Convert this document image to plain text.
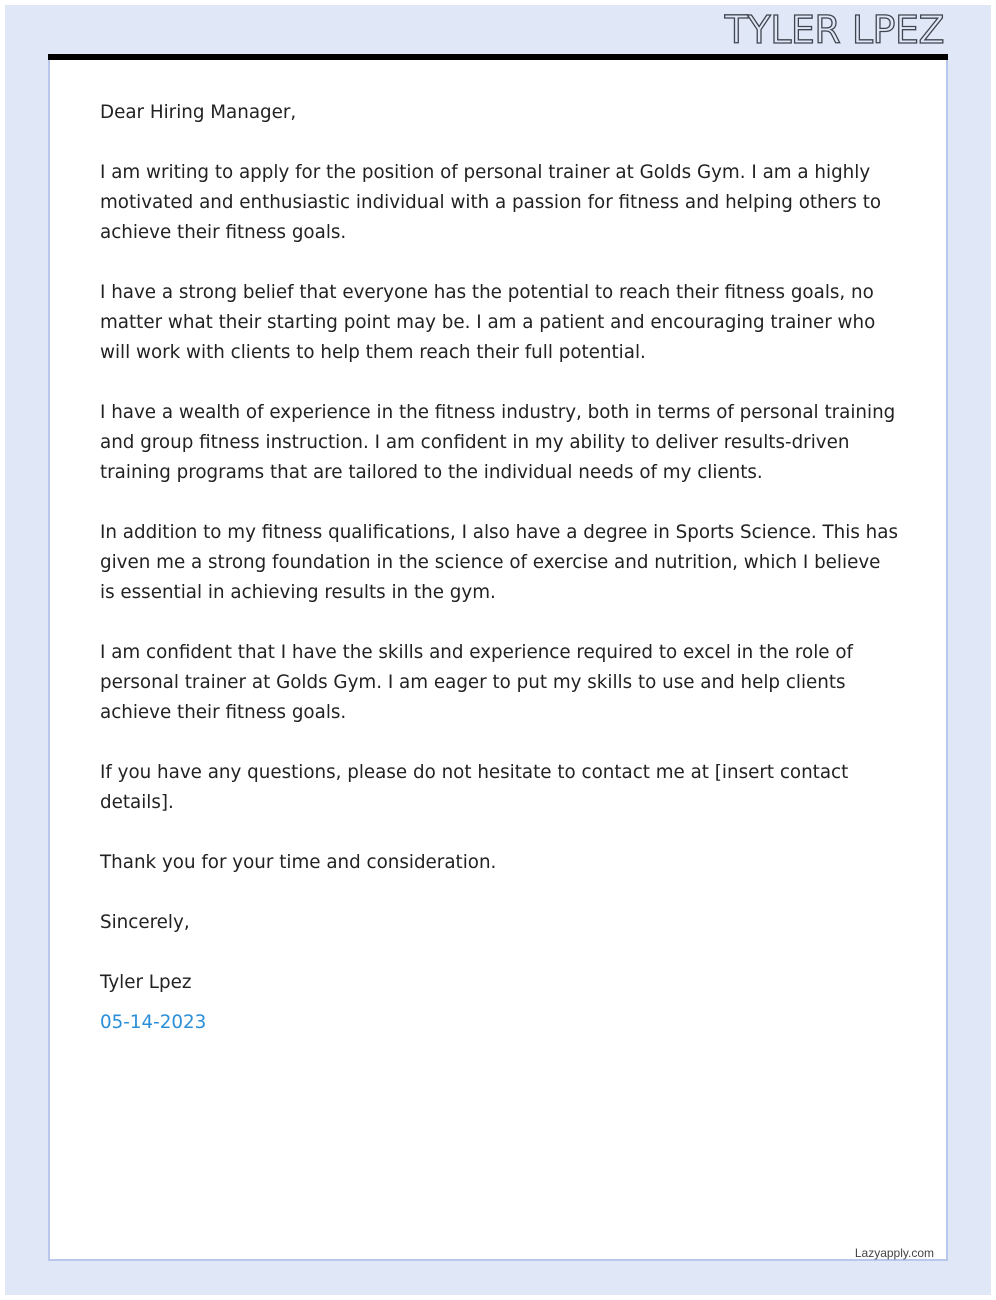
TYLER LPEZ

Dear Hiring Manager,

I am writing to apply for the position of personal trainer at Golds Gym. I am a highly motivated and enthusiastic individual with a passion for fitness and helping others to achieve their fitness goals.

I have a strong belief that everyone has the potential to reach their fitness goals, no matter what their starting point may be. I am a patient and encouraging trainer who will work with clients to help them reach their full potential.

I have a wealth of experience in the fitness industry, both in terms of personal training and group fitness instruction. I am confident in my ability to deliver results-driven training programs that are tailored to the individual needs of my clients.

In addition to my fitness qualifications, I also have a degree in Sports Science. This has given me a strong foundation in the science of exercise and nutrition, which I believe is essential in achieving results in the gym.

I am confident that I have the skills and experience required to excel in the role of personal trainer at Golds Gym. I am eager to put my skills to use and help clients achieve their fitness goals.

If you have any questions, please do not hesitate to contact me at [insert contact details].

Thank you for your time and consideration.

Sincerely,

Tyler Lpez

05-14-2023

Lazyapply.com
